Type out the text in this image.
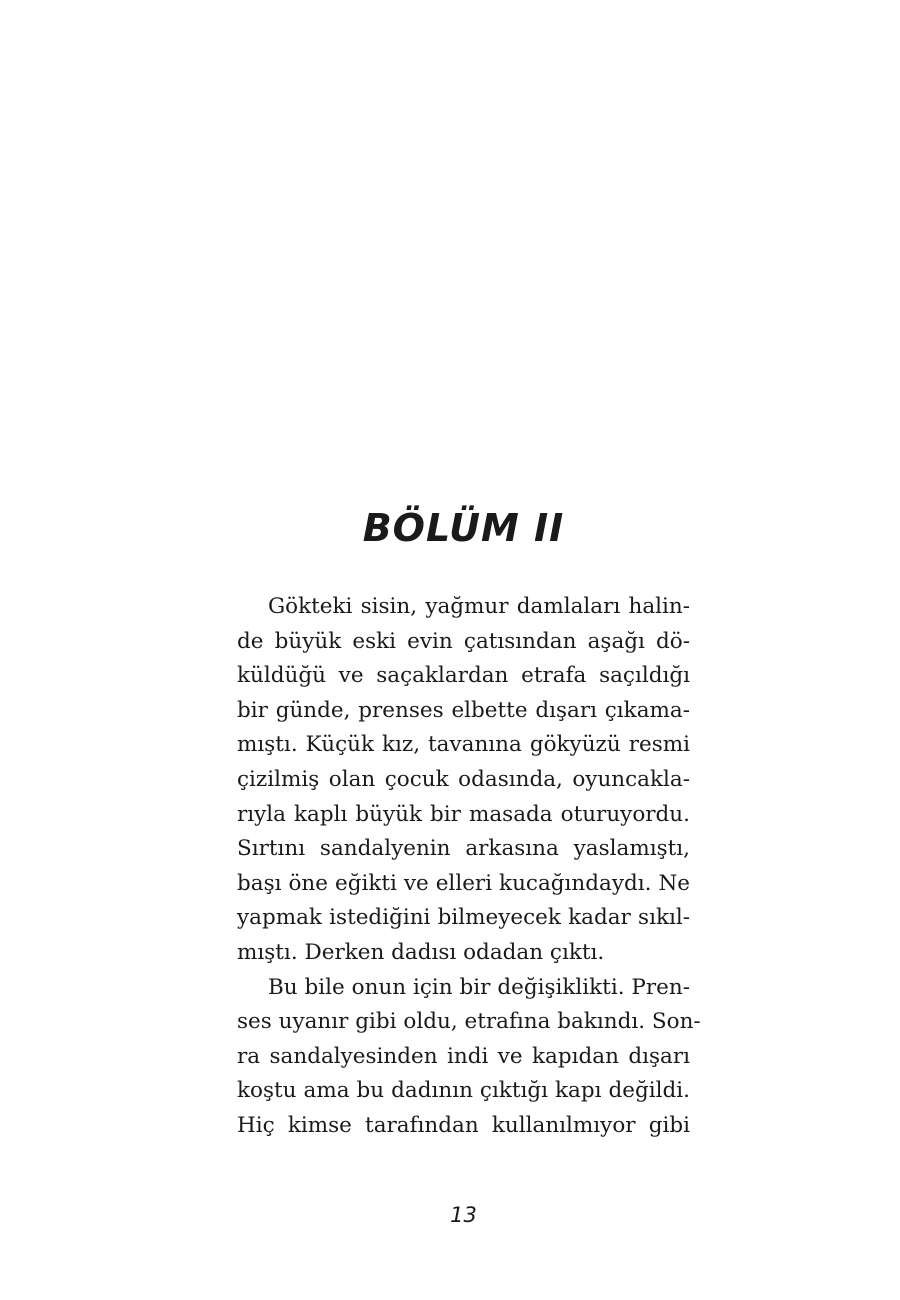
BÖLÜM II
Gökteki sisin, yağmur damlaları halin-
de büyük eski evin çatısından aşağı dö-
küldüğü ve saçaklardan etrafa saçıldığı
bir günde, prenses elbette dışarı çıkama-
mıştı. Küçük kız, tavanına gökyüzü resmi
çizilmiş olan çocuk odasında, oyuncakla-
rıyla kaplı büyük bir masada oturuyordu.
Sırtını sandalyenin arkasına yaslamıştı,
başı öne eğikti ve elleri kucağındaydı. Ne
yapmak istediğini bilmeyecek kadar sıkıl-
mıştı. Derken dadısı odadan çıktı.
Bu bile onun için bir değişiklikti. Pren-
ses uyanır gibi oldu, etrafına bakındı. Son-
ra sandalyesinden indi ve kapıdan dışarı
koştu ama bu dadının çıktığı kapı değildi.
Hiç kimse tarafından kullanılmıyor gibi
13
